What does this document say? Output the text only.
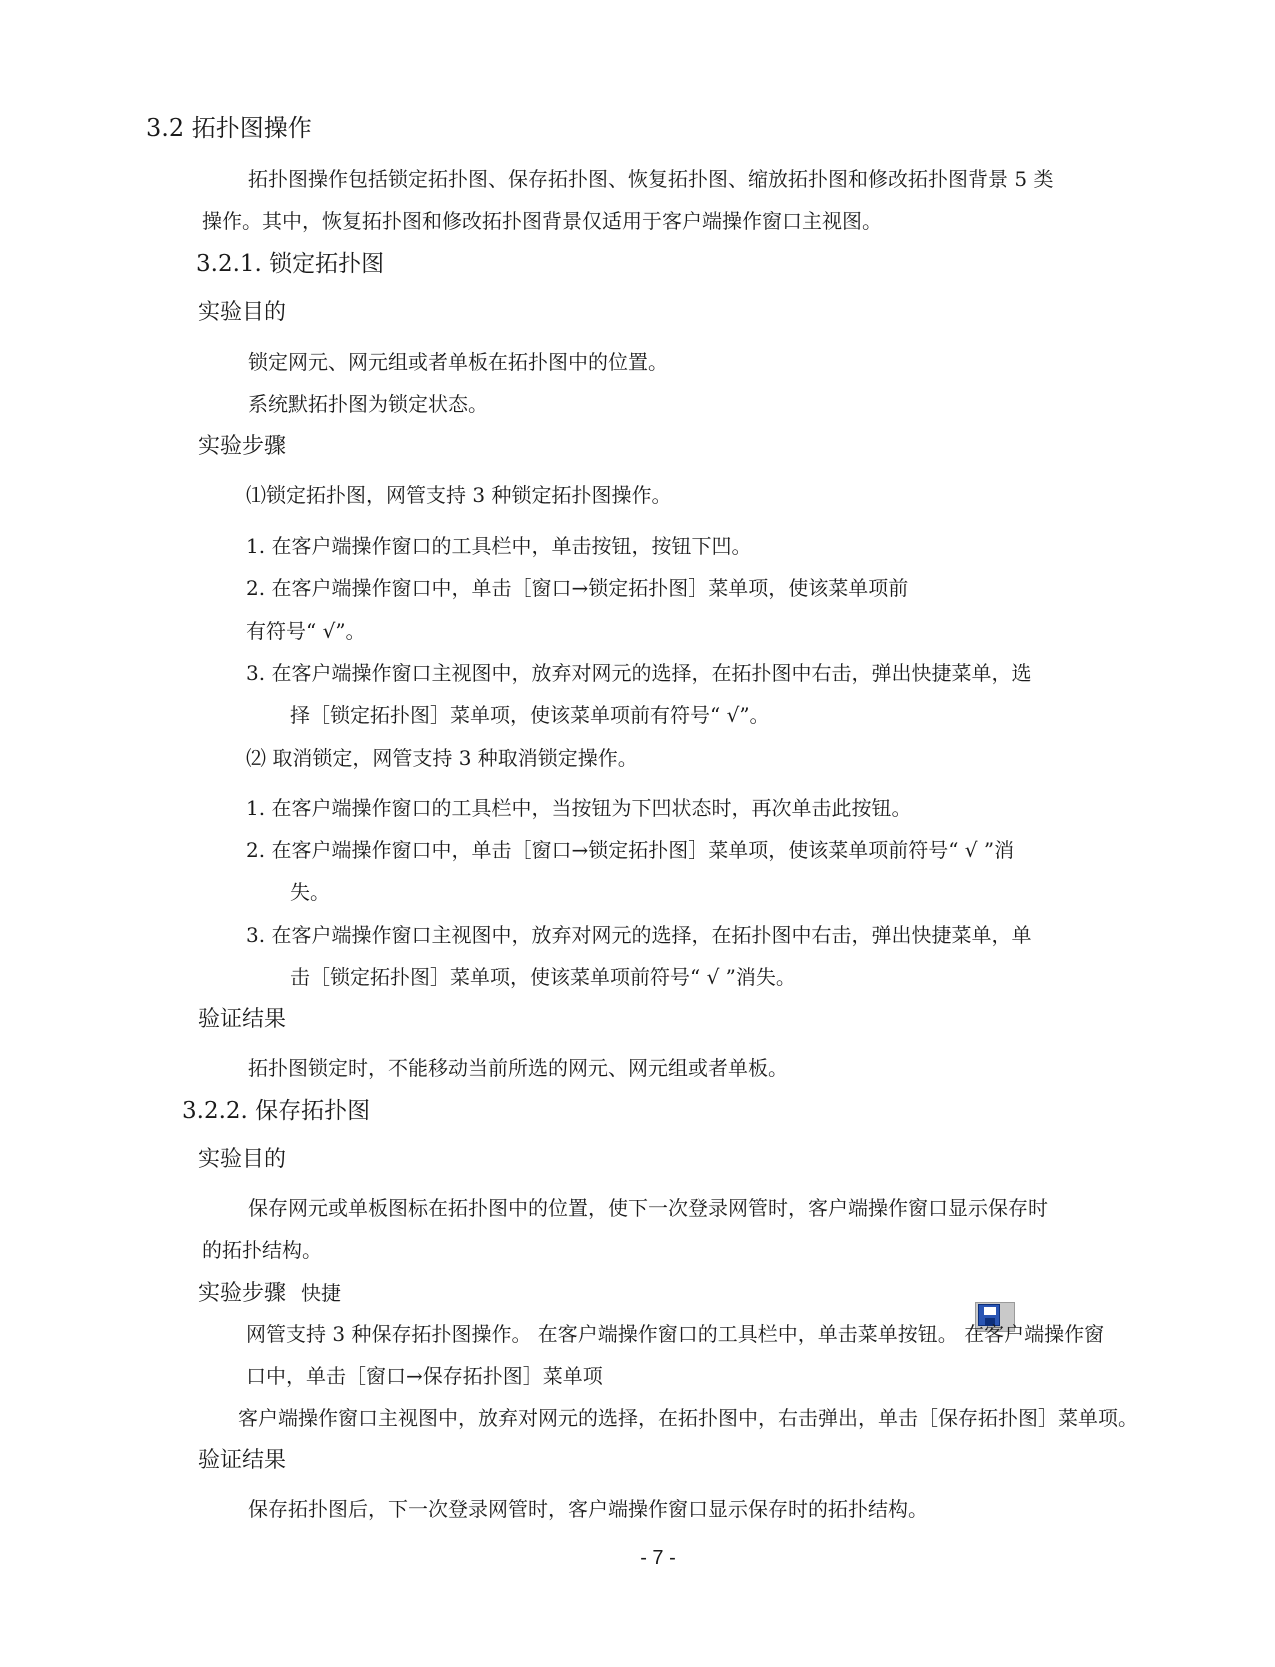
3.2 拓扑图操作
拓扑图操作包括锁定拓扑图、保存拓扑图、恢复拓扑图、缩放拓扑图和修改拓扑图背景 5 类
操作。其中，恢复拓扑图和修改拓扑图背景仅适用于客户端操作窗口主视图。
3.2.1. 锁定拓扑图
实验目的
锁定网元、网元组或者单板在拓扑图中的位置。
系统默拓扑图为锁定状态。
实验步骤
⑴锁定拓扑图，网管支持 3 种锁定拓扑图操作。
1. 在客户端操作窗口的工具栏中，单击按钮，按钮下凹。
2. 在客户端操作窗口中，单击［窗口→锁定拓扑图］菜单项，使该菜单项前
有符号“ √”。
3. 在客户端操作窗口主视图中，放弃对网元的选择，在拓扑图中右击，弹出快捷菜单，选
择［锁定拓扑图］菜单项，使该菜单项前有符号“ √”。
⑵ 取消锁定，网管支持 3 种取消锁定操作。
1. 在客户端操作窗口的工具栏中，当按钮为下凹状态时，再次单击此按钮。
2. 在客户端操作窗口中，单击［窗口→锁定拓扑图］菜单项，使该菜单项前符号“ √ ”消
失。
3. 在客户端操作窗口主视图中，放弃对网元的选择，在拓扑图中右击，弹出快捷菜单，单
击［锁定拓扑图］菜单项，使该菜单项前符号“ √ ”消失。
验证结果
拓扑图锁定时，不能移动当前所选的网元、网元组或者单板。
3.2.2. 保存拓扑图
实验目的
保存网元或单板图标在拓扑图中的位置，使下一次登录网管时，客户端操作窗口显示保存时
的拓扑结构。
实验步骤 快捷
网管支持 3 种保存拓扑图操作。 在客户端操作窗口的工具栏中，单击菜单按钮。 在客户端操作窗
口中，单击［窗口→保存拓扑图］菜单项
客户端操作窗口主视图中，放弃对网元的选择，在拓扑图中，右击弹出，单击［保存拓扑图］菜单项。
验证结果
保存拓扑图后，下一次登录网管时，客户端操作窗口显示保存时的拓扑结构。
- 7 -
